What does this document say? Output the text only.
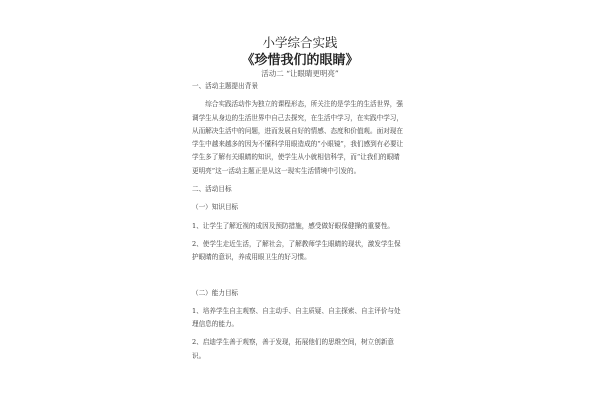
小学综合实践
《珍惜我们的眼睛》
活动二 “让眼睛更明亮”

一、活动主题提出背景

综合实践活动作为独立的课程形态，所关注的是学生的生活世界，强调学生从身边的生活世界中自己去探究，在生活中学习，在实践中学习，从而解决生活中的问题，进而发展自好的情感、态度和价值观。面对现在学生中越来越多的因为不懂科学用眼造成的“小眼镜”，我们感到有必要让学生多了解有关眼睛的知识，使学生从小就相信科学，而“让我们的眼睛更明亮”这一活动主题正是从这一现实生活情境中引发的。

二、活动目标

（一）知识目标

1、让学生了解近视的成因及预防措施，感受做好眼保健操的重要性。

2、使学生走近生活，了解社会，了解教师学生眼睛的现状，激发学生保护眼睛的意识，养成用眼卫生的好习惯。

（二）能力目标

1、培养学生自主观察、自主动手、自主质疑、自主探索、自主评价与处理信息的能力。

2、启迪学生善于观察，善于发现，拓展他们的思维空间，树立创新意识。
